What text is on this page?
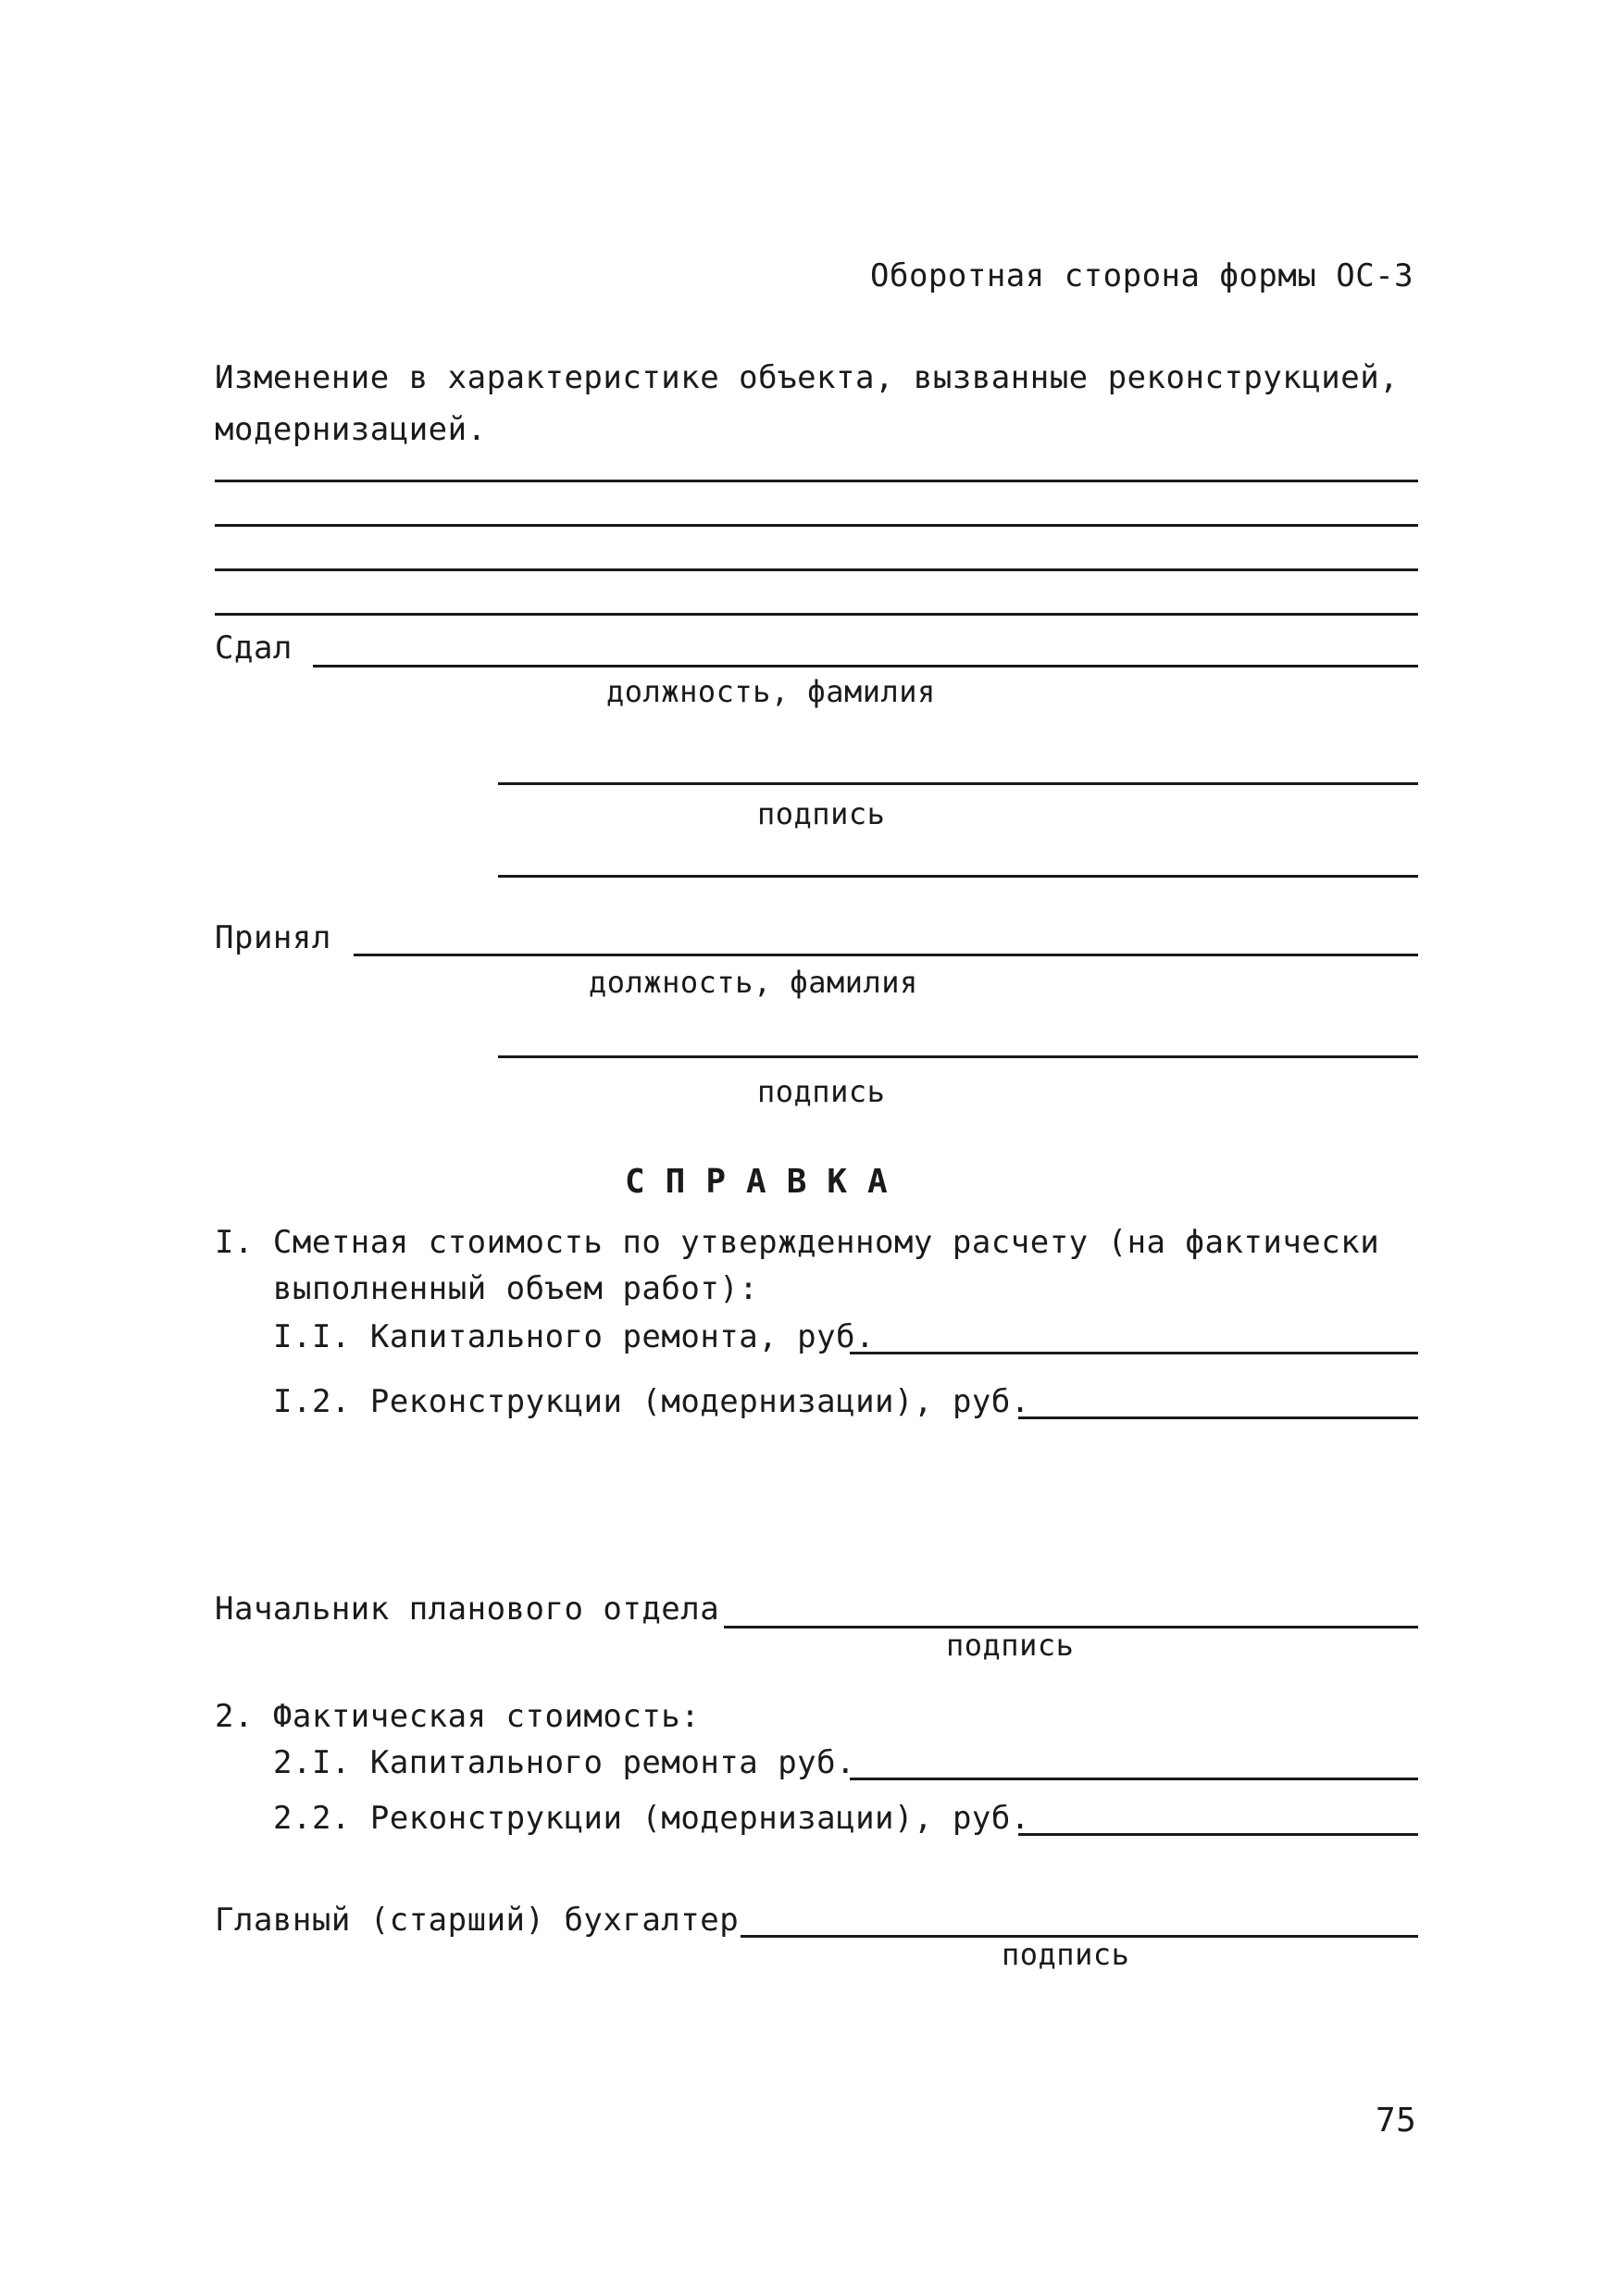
Оборотная сторона формы ОС-3
Изменение в характеристике объекта, вызванные реконструкцией,
модернизацией.
Сдал
должность, фамилия
подпись
Принял
должность, фамилия
подпись
СПРАВКА
I. Сметная стоимость по утвержденному расчету (на фактически
выполненный объем работ):
I.I. Капитального ремонта, руб.
I.2. Реконструкции (модернизации), руб.
Начальник планового отдела
подпись
2. Фактическая стоимость:
2.I. Капитального ремонта руб.
2.2. Реконструкции (модернизации), руб.
Главный (старший) бухгалтер
подпись
75
